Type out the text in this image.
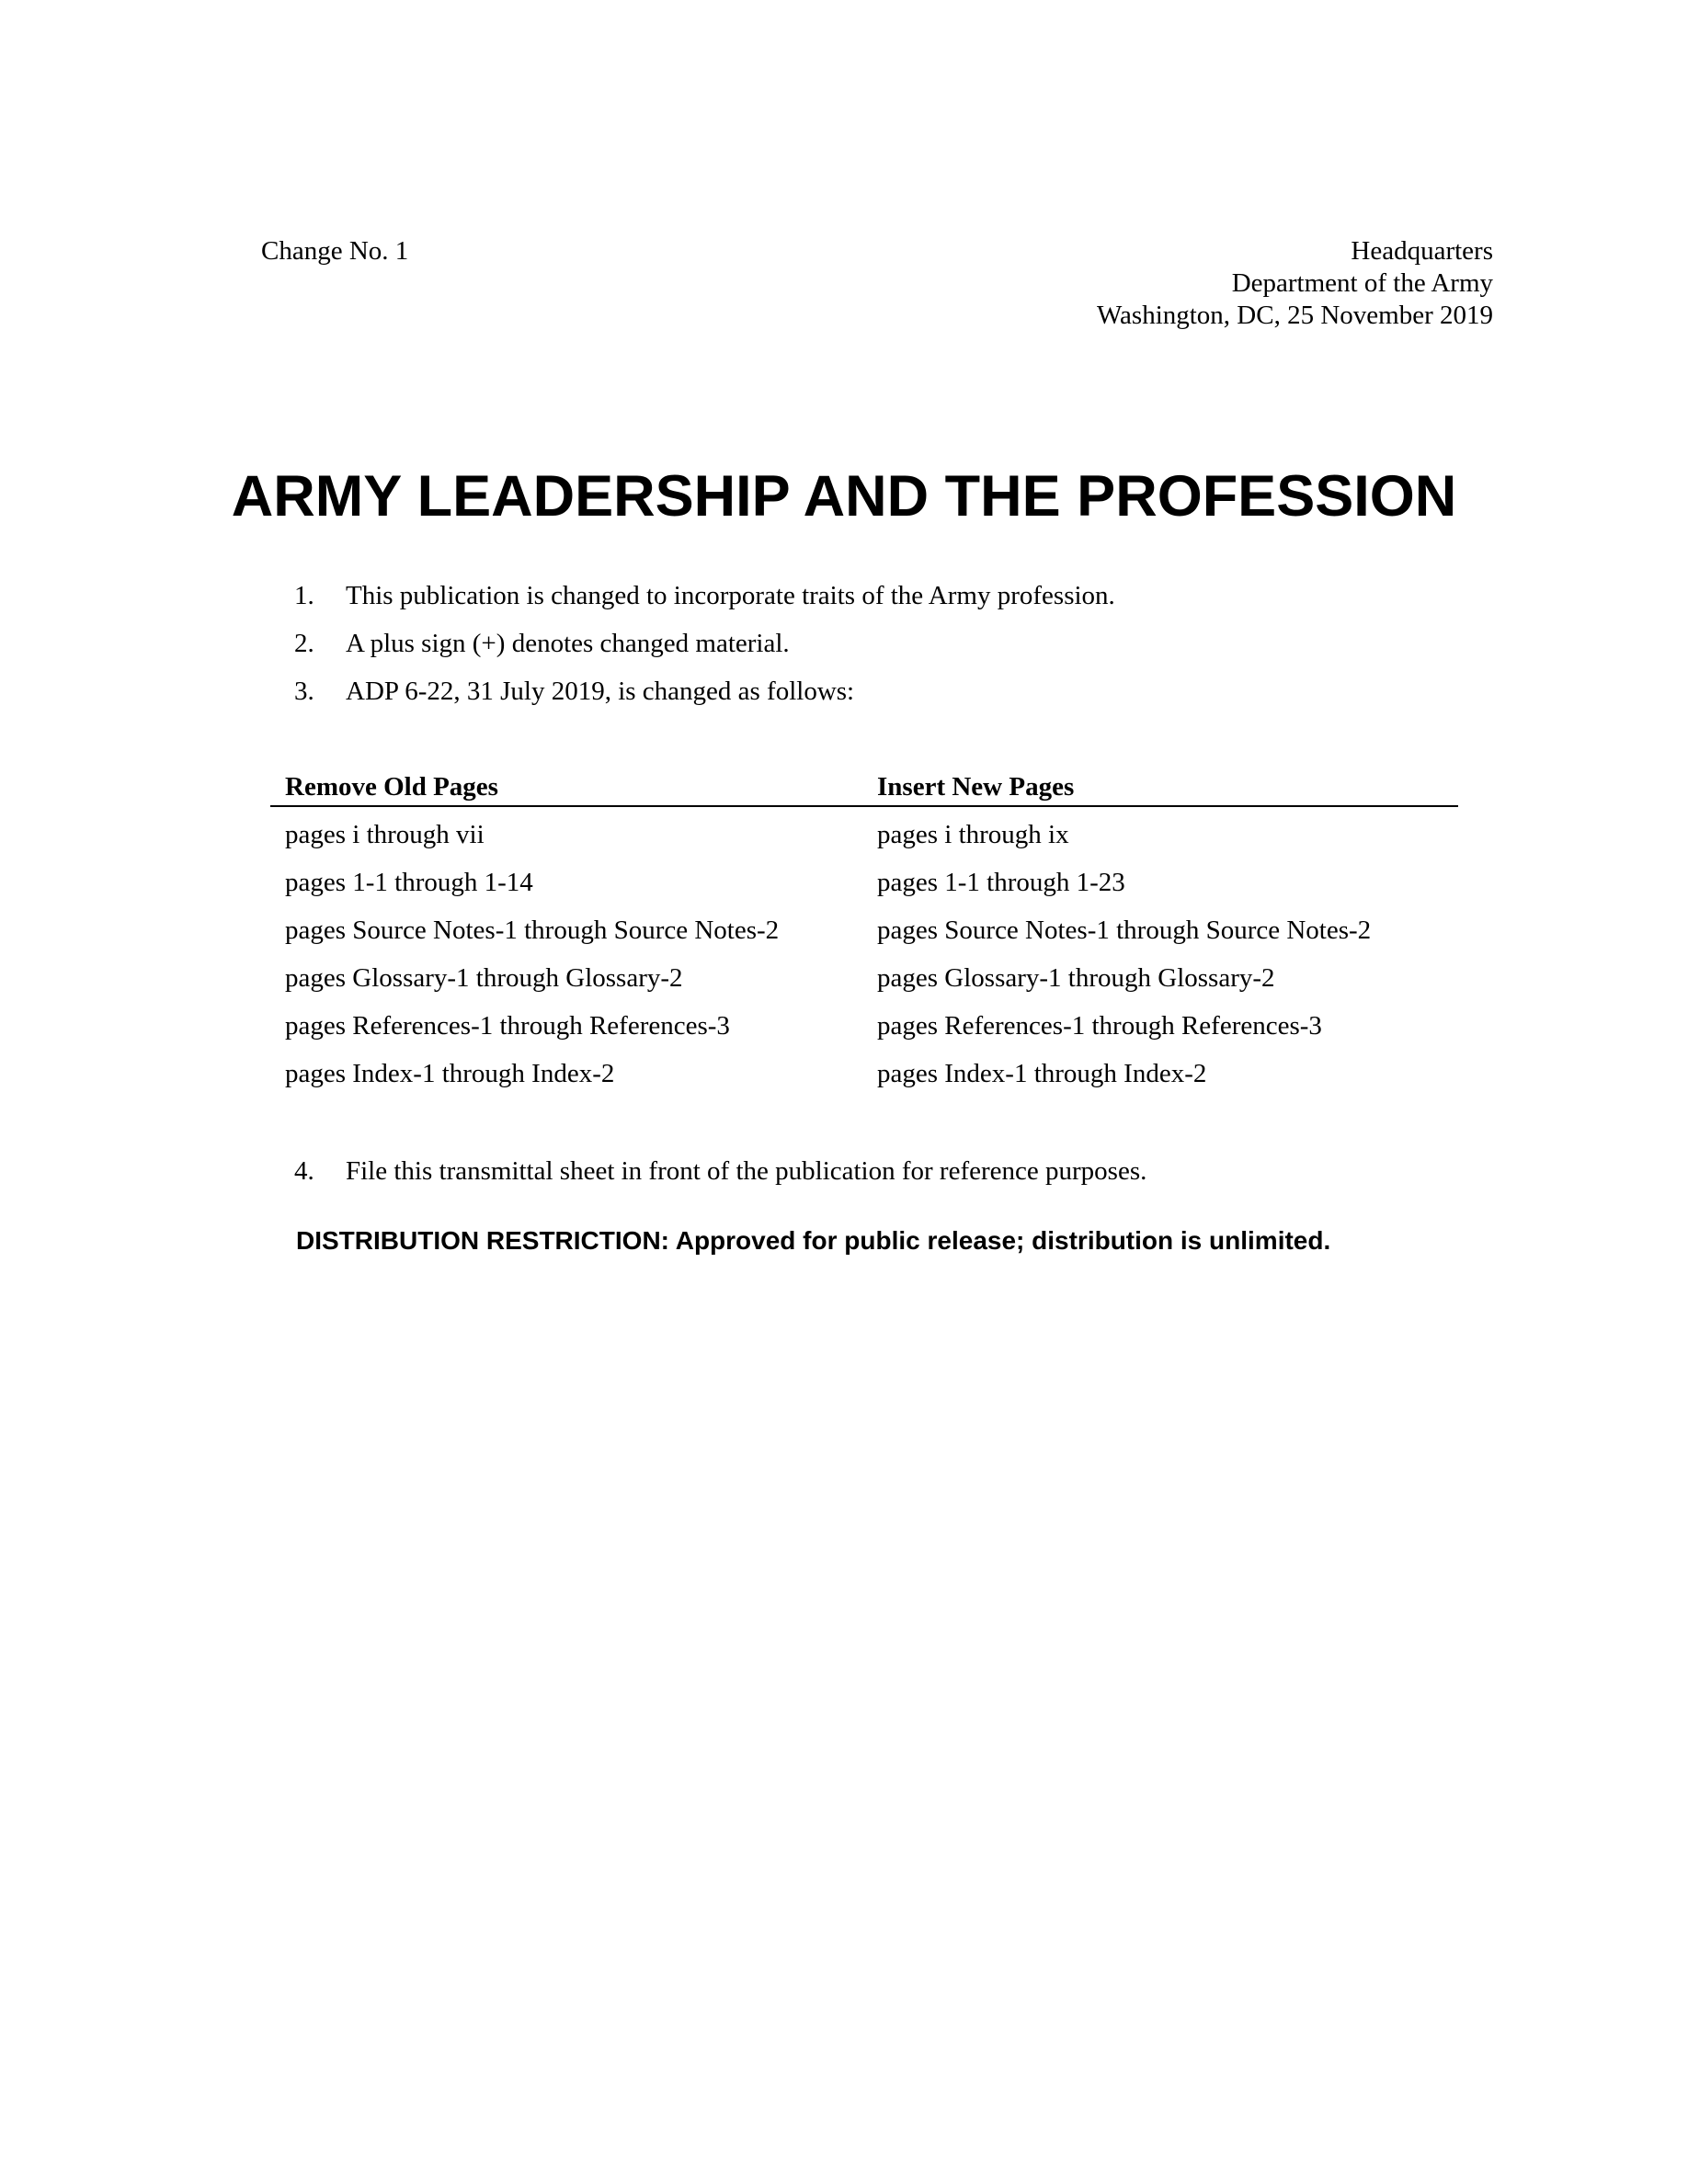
Change No. 1	Headquarters
Department of the Army
Washington, DC, 25 November 2019
ARMY LEADERSHIP AND THE PROFESSION
1.	This publication is changed to incorporate traits of the Army profession.
2.	A plus sign (+) denotes changed material.
3.	ADP 6-22, 31 July 2019, is changed as follows:
Remove Old Pages	Insert New Pages
pages i through vii	pages i through ix
pages 1-1 through 1-14	pages 1-1 through 1-23
pages Source Notes-1 through Source Notes-2	pages Source Notes-1 through Source Notes-2
pages Glossary-1 through Glossary-2	pages Glossary-1 through Glossary-2
pages References-1 through References-3	pages References-1 through References-3
pages Index-1 through Index-2	pages Index-1 through Index-2

4.	File this transmittal sheet in front of the publication for reference purposes.

DISTRIBUTION RESTRICTION: Approved for public release; distribution is unlimited.
